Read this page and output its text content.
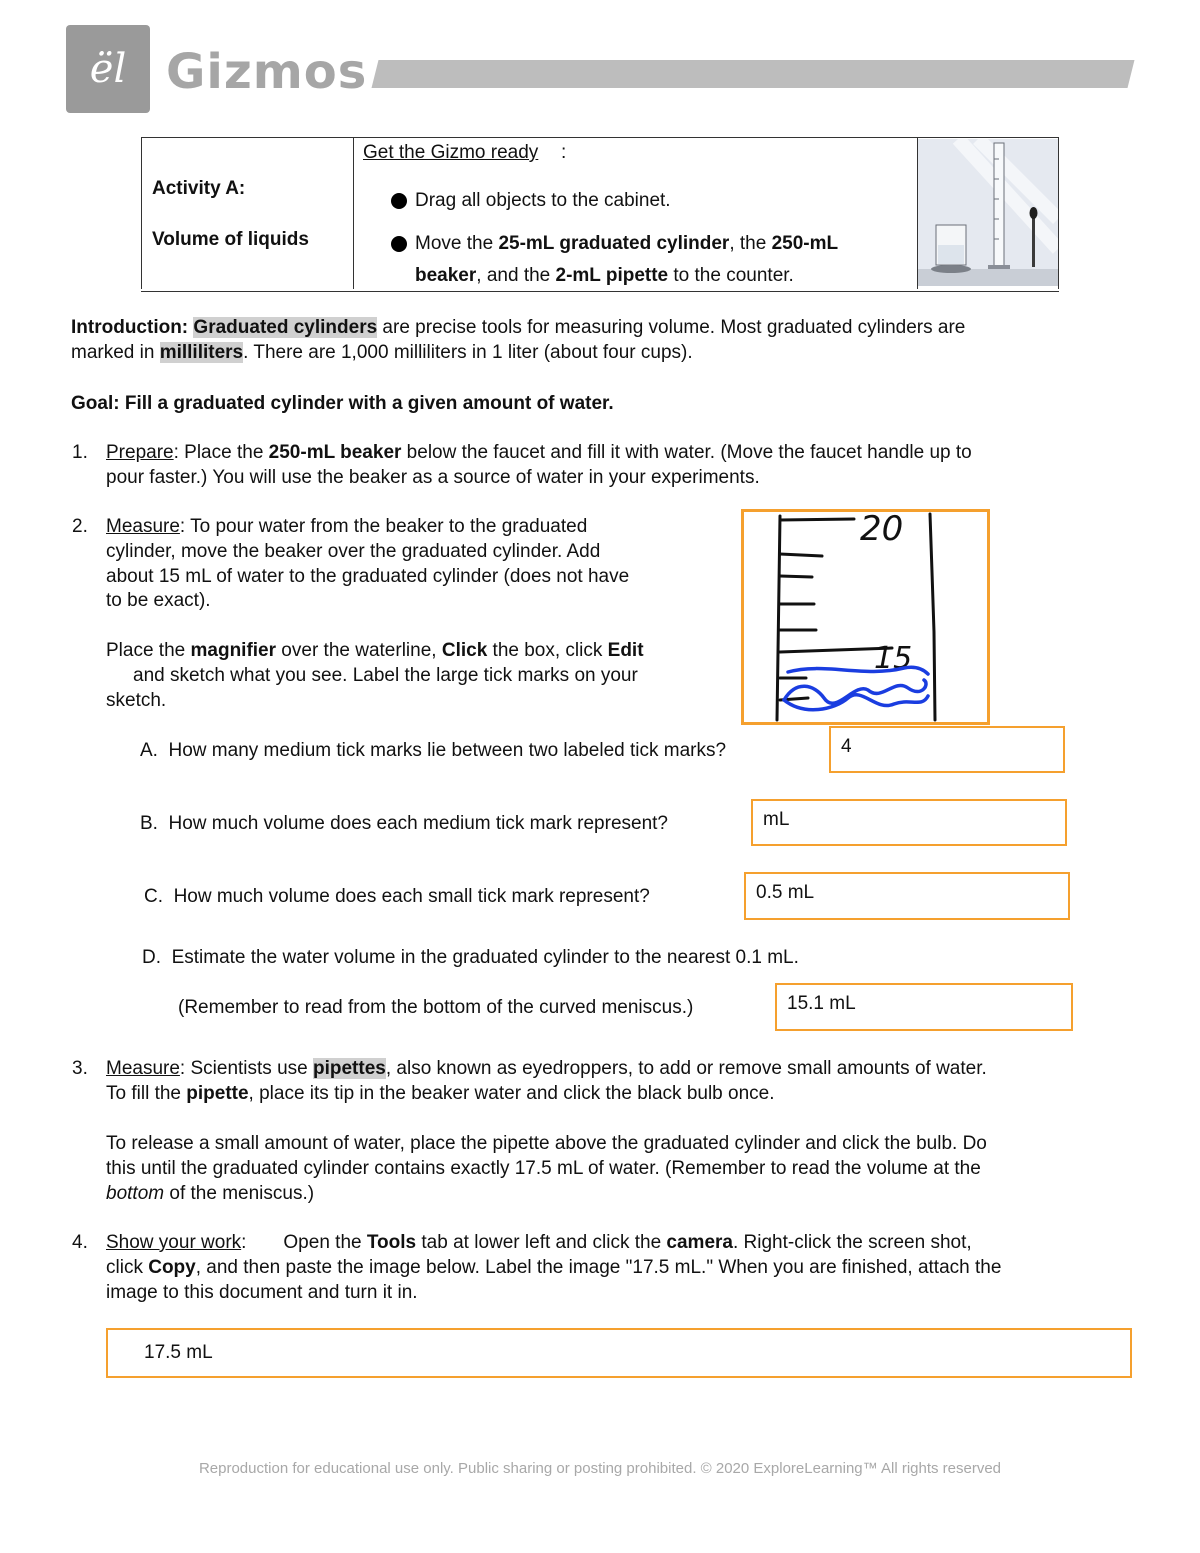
ël Gizmos
Activity A:
Volume of liquids
Get the Gizmo ready :
Drag all objects to the cabinet.
Move the 25-mL graduated cylinder, the 250-mL
beaker, and the 2-mL pipette to the counter.
Introduction: Graduated cylinders are precise tools for measuring volume. Most graduated cylinders are
marked in milliliters. There are 1,000 milliliters in 1 liter (about four cups).
Goal: Fill a graduated cylinder with a given amount of water.
1. Prepare: Place the 250-mL beaker below the faucet and fill it with water. (Move the faucet handle up to
pour faster.) You will use the beaker as a source of water in your experiments.
2. Measure: To pour water from the beaker to the graduated
cylinder, move the beaker over the graduated cylinder. Add
about 15 mL of water to the graduated cylinder (does not have
to be exact).
Place the magnifier over the waterline, Click the box, click Edit
and sketch what you see. Label the large tick marks on your
sketch.
20
15
A. How many medium tick marks lie between two labeled tick marks?	4
B. How much volume does each medium tick mark represent?	mL
C. How much volume does each small tick mark represent?	0.5 mL
D. Estimate the water volume in the graduated cylinder to the nearest 0.1 mL.
(Remember to read from the bottom of the curved meniscus.)	15.1 mL
3. Measure: Scientists use pipettes, also known as eyedroppers, to add or remove small amounts of water.
To fill the pipette, place its tip in the beaker water and click the black bulb once.
To release a small amount of water, place the pipette above the graduated cylinder and click the bulb. Do
this until the graduated cylinder contains exactly 17.5 mL of water. (Remember to read the volume at the
bottom of the meniscus.)
4. Show your work:       Open the Tools tab at lower left and click the camera. Right-click the screen shot,
click Copy, and then paste the image below. Label the image "17.5 mL." When you are finished, attach the
image to this document and turn it in.
17.5 mL
Reproduction for educational use only. Public sharing or posting prohibited. © 2020 ExploreLearning™ All rights reserved
